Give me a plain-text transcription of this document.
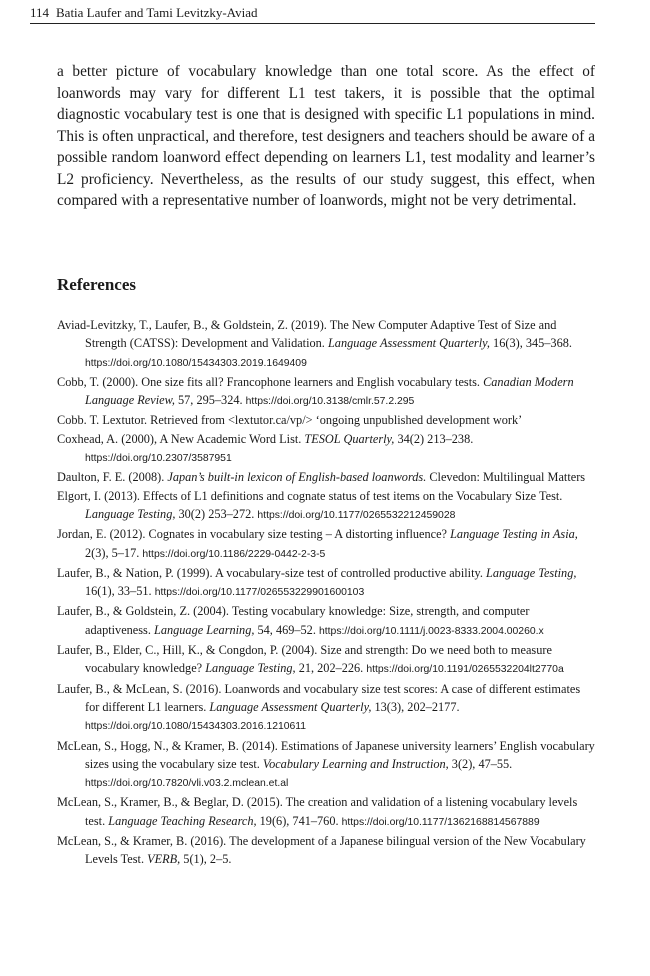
114 Batia Laufer and Tami Levitzky-Aviad

a better picture of vocabulary knowledge than one total score. As the effect of loanwords may vary for different L1 test takers, it is possible that the optimal diagnostic vocabulary test is one that is designed with specific L1 populations in mind. This is often unpractical, and therefore, test designers and teachers should be aware of a possible random loanword effect depending on learners L1, test modality and learner’s L2 proficiency. Nevertheless, as the results of our study suggest, this effect, when compared with a representative number of loanwords, might not be very detrimental.

References

Aviad-Levitzky, T., Laufer, B., & Goldstein, Z. (2019). The New Computer Adaptive Test of Size and Strength (CATSS): Development and Validation. Language Assessment Quarterly, 16(3), 345–368. https://doi.org/10.1080/15434303.2019.1649409

Cobb, T. (2000). One size fits all? Francophone learners and English vocabulary tests. Canadian Modern Language Review, 57, 295–324. https://doi.org/10.3138/cmlr.57.2.295

Cobb. T. Lextutor. Retrieved from <lextutor.ca/vp/> ‘ongoing unpublished development work’

Coxhead, A. (2000), A New Academic Word List. TESOL Quarterly, 34(2) 213–238. https://doi.org/10.2307/3587951

Daulton, F. E. (2008). Japan’s built-in lexicon of English-based loanwords. Clevedon: Multilingual Matters

Elgort, I. (2013). Effects of L1 definitions and cognate status of test items on the Vocabulary Size Test. Language Testing, 30(2) 253–272. https://doi.org/10.1177/0265532212459028

Jordan, E. (2012). Cognates in vocabulary size testing – A distorting influence? Language Testing in Asia, 2(3), 5–17. https://doi.org/10.1186/2229-0442-2-3-5

Laufer, B., & Nation, P. (1999). A vocabulary-size test of controlled productive ability. Language Testing, 16(1), 33–51. https://doi.org/10.1177/026553229901600103

Laufer, B., & Goldstein, Z. (2004). Testing vocabulary knowledge: Size, strength, and computer adaptiveness. Language Learning, 54, 469–52. https://doi.org/10.1111/j.0023-8333.2004.00260.x

Laufer, B., Elder, C., Hill, K., & Congdon, P. (2004). Size and strength: Do we need both to measure vocabulary knowledge? Language Testing, 21, 202–226. https://doi.org/10.1191/0265532204lt2770a

Laufer, B., & McLean, S. (2016). Loanwords and vocabulary size test scores: A case of different estimates for different L1 learners. Language Assessment Quarterly, 13(3), 202–2177. https://doi.org/10.1080/15434303.2016.1210611

McLean, S., Hogg, N., & Kramer, B. (2014). Estimations of Japanese university learners’ English vocabulary sizes using the vocabulary size test. Vocabulary Learning and Instruction, 3(2), 47–55. https://doi.org/10.7820/vli.v03.2.mclean.et.al

McLean, S., Kramer, B., & Beglar, D. (2015). The creation and validation of a listening vocabulary levels test. Language Teaching Research, 19(6), 741–760. https://doi.org/10.1177/1362168814567889

McLean, S., & Kramer, B. (2016). The development of a Japanese bilingual version of the New Vocabulary Levels Test. VERB, 5(1), 2–5.
